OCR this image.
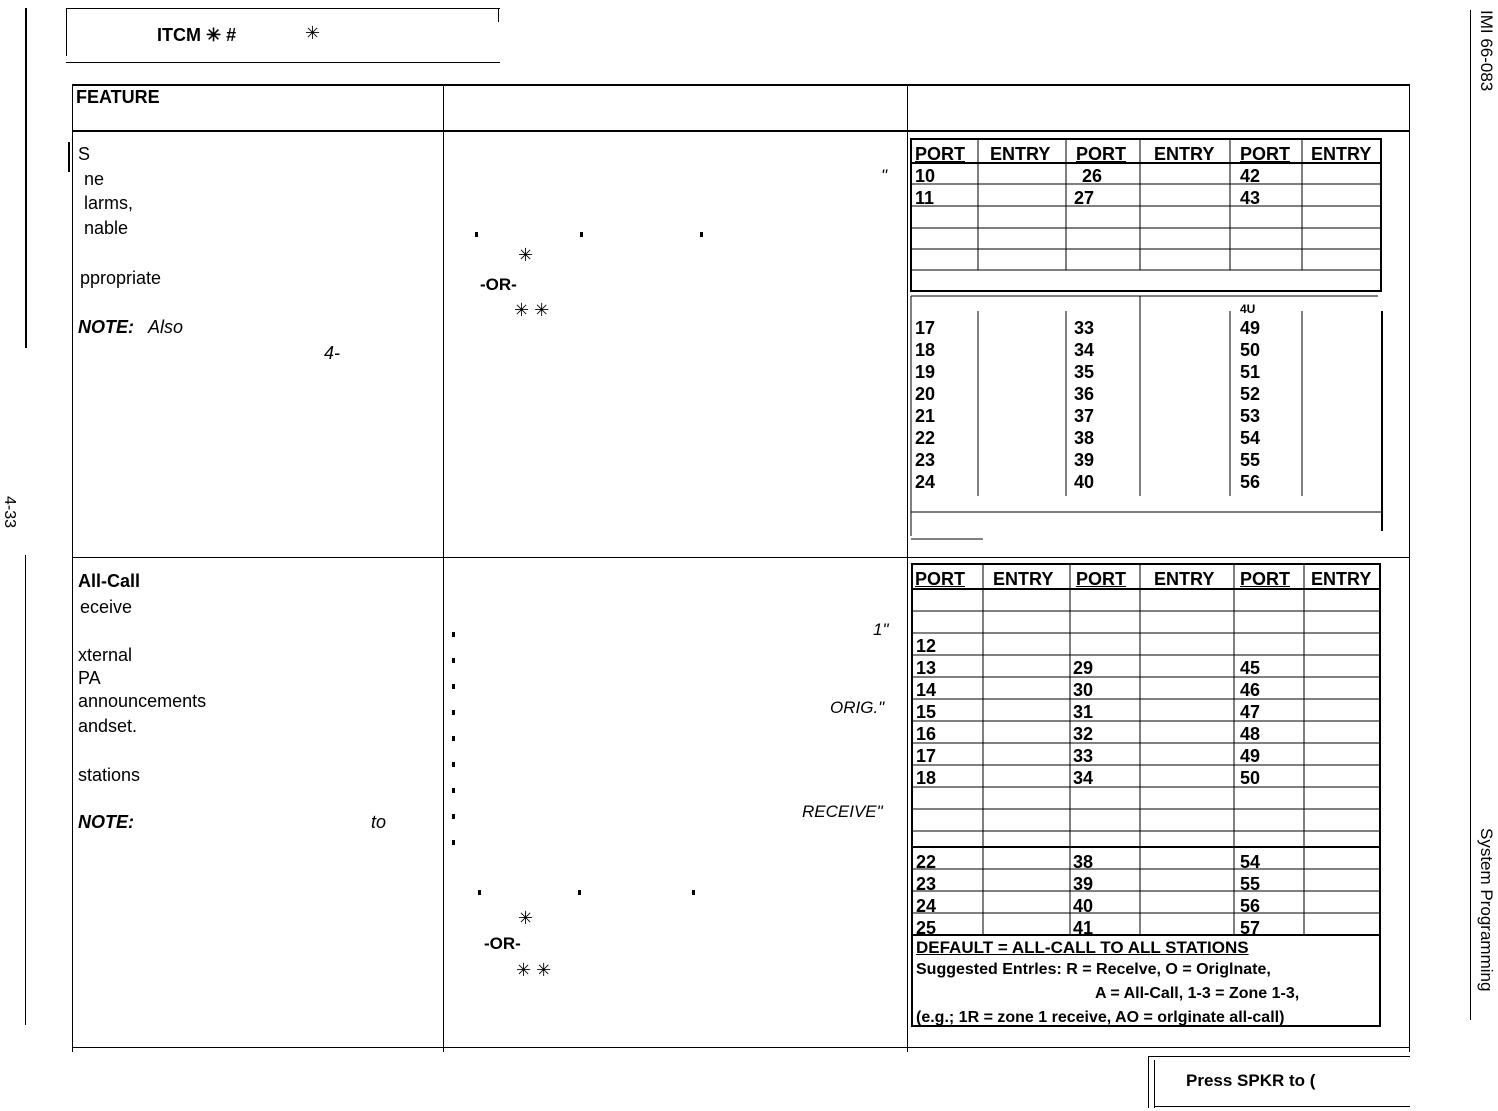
4-33
IMI 66-083
System Programming
ITCM ✳ #	✳
FEATURE
S
ne
larms,
nable
ppropriate
NOTE: Also
4-
"
✳
-OR-
✳ ✳
PORT ENTRY PORT ENTRY PORT ENTRY
10	26	42
11	27	43
4U
17	33	49
18	34	50
19	35	51
20	36	52
21	37	53
22	38	54
23	39	55
24	40	56
All-Call
eceive
xternal
PA
announcements
andset.
stations
NOTE:	to
1"
ORIG."
RECEIVE"
✳
-OR-
✳ ✳
PORT ENTRY PORT ENTRY PORT ENTRY
12
13	29	45
14	30	46
15	31	47
16	32	48
17	33	49
18	34	50
22	38	54
23	39	55
24	40	56
25	41	57
DEFAULT = ALL-CALL TO ALL STATIONS
Suggested Entrles: R = Recelve, O = Origlnate,
A = All-Call, 1-3 = Zone 1-3,
(e.g.; 1R = zone 1 receive, AO = orlginate all-call)
Press SPKR to (
